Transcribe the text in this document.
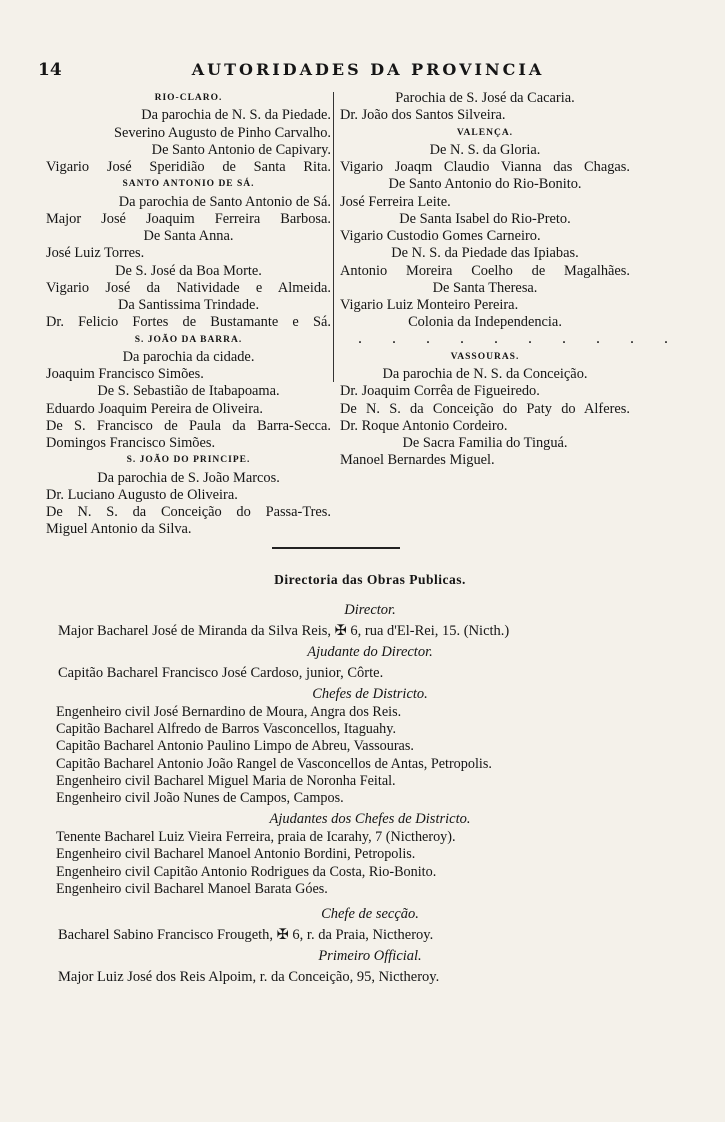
14	AUTORIDADES DA PROVINCIA
RIO-CLARO.
Da parochia de N. S. da Piedade.
Severino Augusto de Pinho Carvalho.
De Santo Antonio de Capivary.
Vigario José Speridião de Santa Rita.
SANTO ANTONIO DE SÁ.
Da parochia de Santo Antonio de Sá.
Major José Joaquim Ferreira Barbosa.
De Santa Anna.
José Luiz Torres.
De S. José da Boa Morte.
Vigario José da Natividade e Almeida.
Da Santissima Trindade.
Dr. Felicio Fortes de Bustamante e Sá.
S. JOÃO DA BARRA.
Da parochia da cidade.
Joaquim Francisco Simões.
De S. Sebastião de Itabapoama.
Eduardo Joaquim Pereira de Oliveira.
De S. Francisco de Paula da Barra-Secca.
Domingos Francisco Simões.
S. JOÃO DO PRINCIPE.
Da parochia de S. João Marcos.
Dr. Luciano Augusto de Oliveira.
De N. S. da Conceição do Passa-Tres.
Miguel Antonio da Silva.
Parochia de S. José da Cacaria.
Dr. João dos Santos Silveira.
VALENÇA.
De N. S. da Gloria.
Vigario Joaqm Claudio Vianna das Chagas.
De Santo Antonio do Rio-Bonito.
José Ferreira Leite.
De Santa Isabel do Rio-Preto.
Vigario Custodio Gomes Carneiro.
De N. S. da Piedade das Ipiabas.
Antonio Moreira Coelho de Magalhães.
De Santa Theresa.
Vigario Luiz Monteiro Pereira.
Colonia da Independencia.
. . . . . . . . . .
VASSOURAS.
Da parochia de N. S. da Conceição.
Dr. Joaquim Corrêa de Figueiredo.
De N. S. da Conceição do Paty do Alferes.
Dr. Roque Antonio Cordeiro.
De Sacra Familia do Tinguá.
Manoel Bernardes Miguel.
Directoria das Obras Publicas.
Director.
Major Bacharel José de Miranda da Silva Reis, ✠ 6, rua d'El-Rei, 15. (Nicth.)
Ajudante do Director.
Capitão Bacharel Francisco José Cardoso, junior, Côrte.
Chefes de Districto.
Engenheiro civil José Bernardino de Moura, Angra dos Reis.
Capitão Bacharel Alfredo de Barros Vasconcellos, Itaguahy.
Capitão Bacharel Antonio Paulino Limpo de Abreu, Vassouras.
Capitão Bacharel Antonio João Rangel de Vasconcellos de Antas, Petropolis.
Engenheiro civil Bacharel Miguel Maria de Noronha Feital.
Engenheiro civil João Nunes de Campos, Campos.
Ajudantes dos Chefes de Districto.
Tenente Bacharel Luiz Vieira Ferreira, praia de Icarahy, 7 (Nictheroy).
Engenheiro civil Bacharel Manoel Antonio Bordini, Petropolis.
Engenheiro civil Capitão Antonio Rodrigues da Costa, Rio-Bonito.
Engenheiro civil Bacharel Manoel Barata Góes.
Chefe de secção.
Bacharel Sabino Francisco Frougeth, ✠ 6, r. da Praia, Nictheroy.
Primeiro Official.
Major Luiz José dos Reis Alpoim, r. da Conceição, 95, Nictheroy.
